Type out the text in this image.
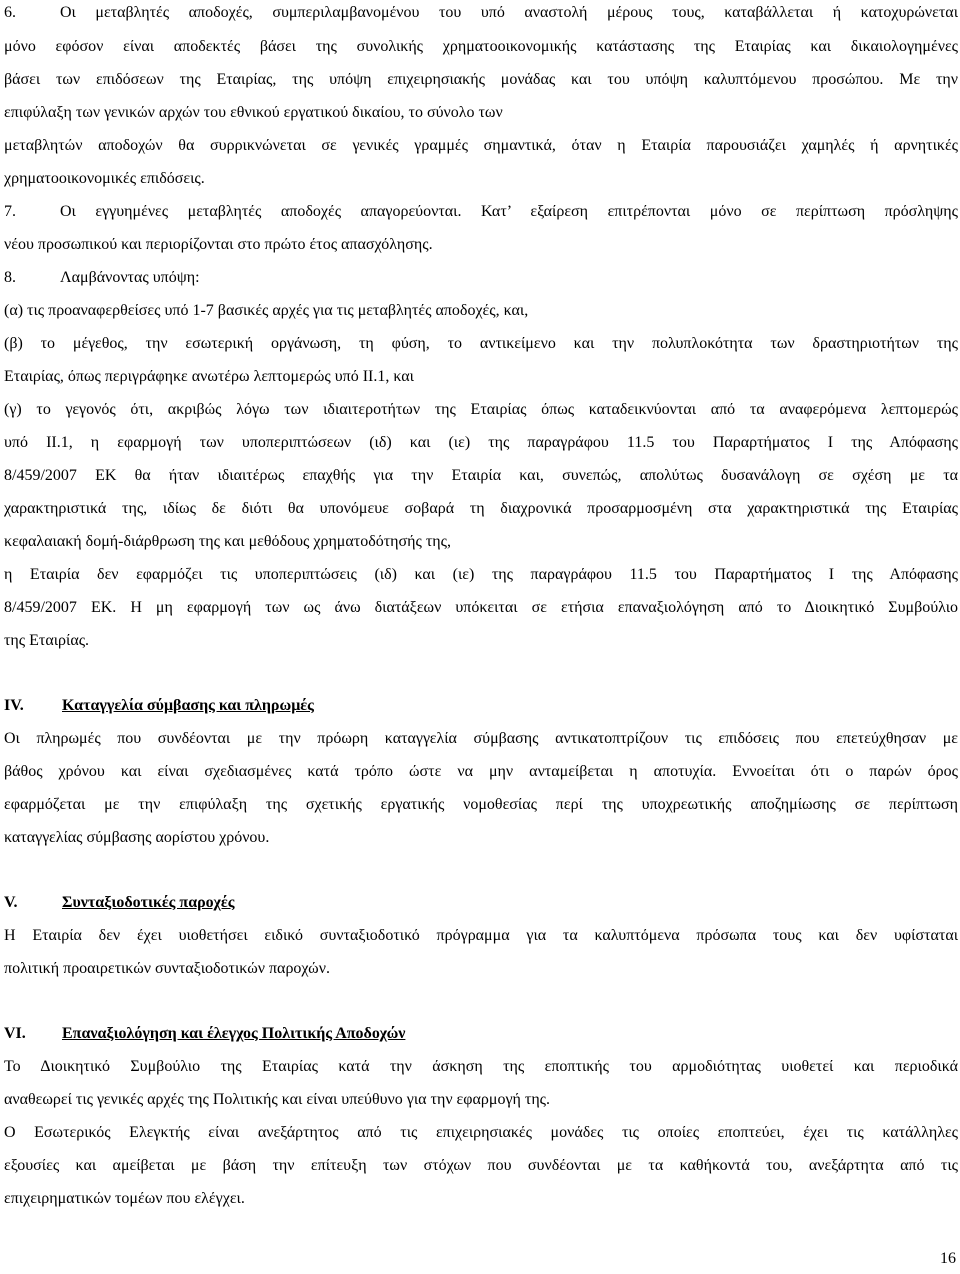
6.	Οι μεταβλητές αποδοχές, συμπεριλαμβανομένου του υπό αναστολή μέρους τους, καταβάλλεται ή κατοχυρώνεται
μόνο εφόσον είναι αποδεκτές βάσει της συνολικής χρηματοοικονομικής κατάστασης της Εταιρίας και δικαιολογημένες
βάσει των επιδόσεων της Εταιρίας, της υπόψη επιχειρησιακής μονάδας και του υπόψη καλυπτόμενου προσώπου. Με την
επιφύλαξη των γενικών αρχών του εθνικού εργατικού δικαίου, το σύνολο των
μεταβλητών αποδοχών θα συρρικνώνεται σε γενικές γραμμές σημαντικά, όταν η Εταιρία παρουσιάζει χαμηλές ή αρνητικές
χρηματοοικονομικές επιδόσεις.
7.	Οι εγγυημένες μεταβλητές αποδοχές απαγορεύονται. Κατ’ εξαίρεση επιτρέπονται μόνο σε περίπτωση πρόσληψης
νέου προσωπικού και περιορίζονται στο πρώτο έτος απασχόλησης.
8.	Λαμβάνοντας υπόψη:
(α) τις προαναφερθείσες υπό 1-7 βασικές αρχές για τις μεταβλητές αποδοχές, και,
(β) το μέγεθος, την εσωτερική οργάνωση, τη φύση, το αντικείμενο και την πολυπλοκότητα των δραστηριοτήτων της
Εταιρίας, όπως περιγράφηκε ανωτέρω λεπτομερώς υπό ΙΙ.1, και
(γ) το γεγονός ότι, ακριβώς λόγω των ιδιαιτεροτήτων της Εταιρίας όπως καταδεικνύονται από τα αναφερόμενα λεπτομερώς
υπό ΙΙ.1, η εφαρμογή των υποπεριπτώσεων (ιδ) και (ιε) της παραγράφου 11.5 του Παραρτήματος Ι της Απόφασης
8/459/2007 ΕΚ θα ήταν ιδιαιτέρως επαχθής για την Εταιρία και, συνεπώς, απολύτως δυσανάλογη σε σχέση με τα
χαρακτηριστικά της, ιδίως δε διότι θα υπονόμευε σοβαρά τη διαχρονικά προσαρμοσμένη στα χαρακτηριστικά της Εταιρίας
κεφαλαιακή δομή-διάρθρωση της και μεθόδους χρηματοδότησής της,
η Εταιρία δεν εφαρμόζει τις υποπεριπτώσεις (ιδ) και (ιε) της παραγράφου 11.5 του Παραρτήματος Ι της Απόφασης
8/459/2007 ΕΚ. Η μη εφαρμογή των ως άνω διατάξεων υπόκειται σε ετήσια επαναξιολόγηση από το Διοικητικό Συμβούλιο
της Εταιρίας.
IV. Καταγγελία σύμβασης και πληρωμές
Οι πληρωμές που συνδέονται με την πρόωρη καταγγελία σύμβασης αντικατοπτρίζουν τις επιδόσεις που επετεύχθησαν με
βάθος χρόνου και είναι σχεδιασμένες κατά τρόπο ώστε να μην ανταμείβεται η αποτυχία. Εννοείται ότι ο παρών όρος
εφαρμόζεται με την επιφύλαξη της σχετικής εργατικής νομοθεσίας περί της υποχρεωτικής αποζημίωσης σε περίπτωση
καταγγελίας σύμβασης αορίστου χρόνου.
V.	Συνταξιοδοτικές παροχές
Η Εταιρία δεν έχει υιοθετήσει ειδικό συνταξιοδοτικό πρόγραμμα για τα καλυπτόμενα πρόσωπα τους και δεν υφίσταται
πολιτική προαιρετικών συνταξιοδοτικών παροχών.
VI. Επαναξιολόγηση και έλεγχος Πολιτικής Αποδοχών
Το Διοικητικό Συμβούλιο της Εταιρίας κατά την άσκηση της εποπτικής του αρμοδιότητας υιοθετεί και περιοδικά
αναθεωρεί τις γενικές αρχές της Πολιτικής και είναι υπεύθυνο για την εφαρμογή της.
Ο Εσωτερικός Ελεγκτής είναι ανεξάρτητος από τις επιχειρησιακές μονάδες τις οποίες εποπτεύει, έχει τις κατάλληλες
εξουσίες και αμείβεται με βάση την επίτευξη των στόχων που συνδέονται με τα καθήκοντά του, ανεξάρτητα από τις
επιχειρηματικών τομέων που ελέγχει.
16
